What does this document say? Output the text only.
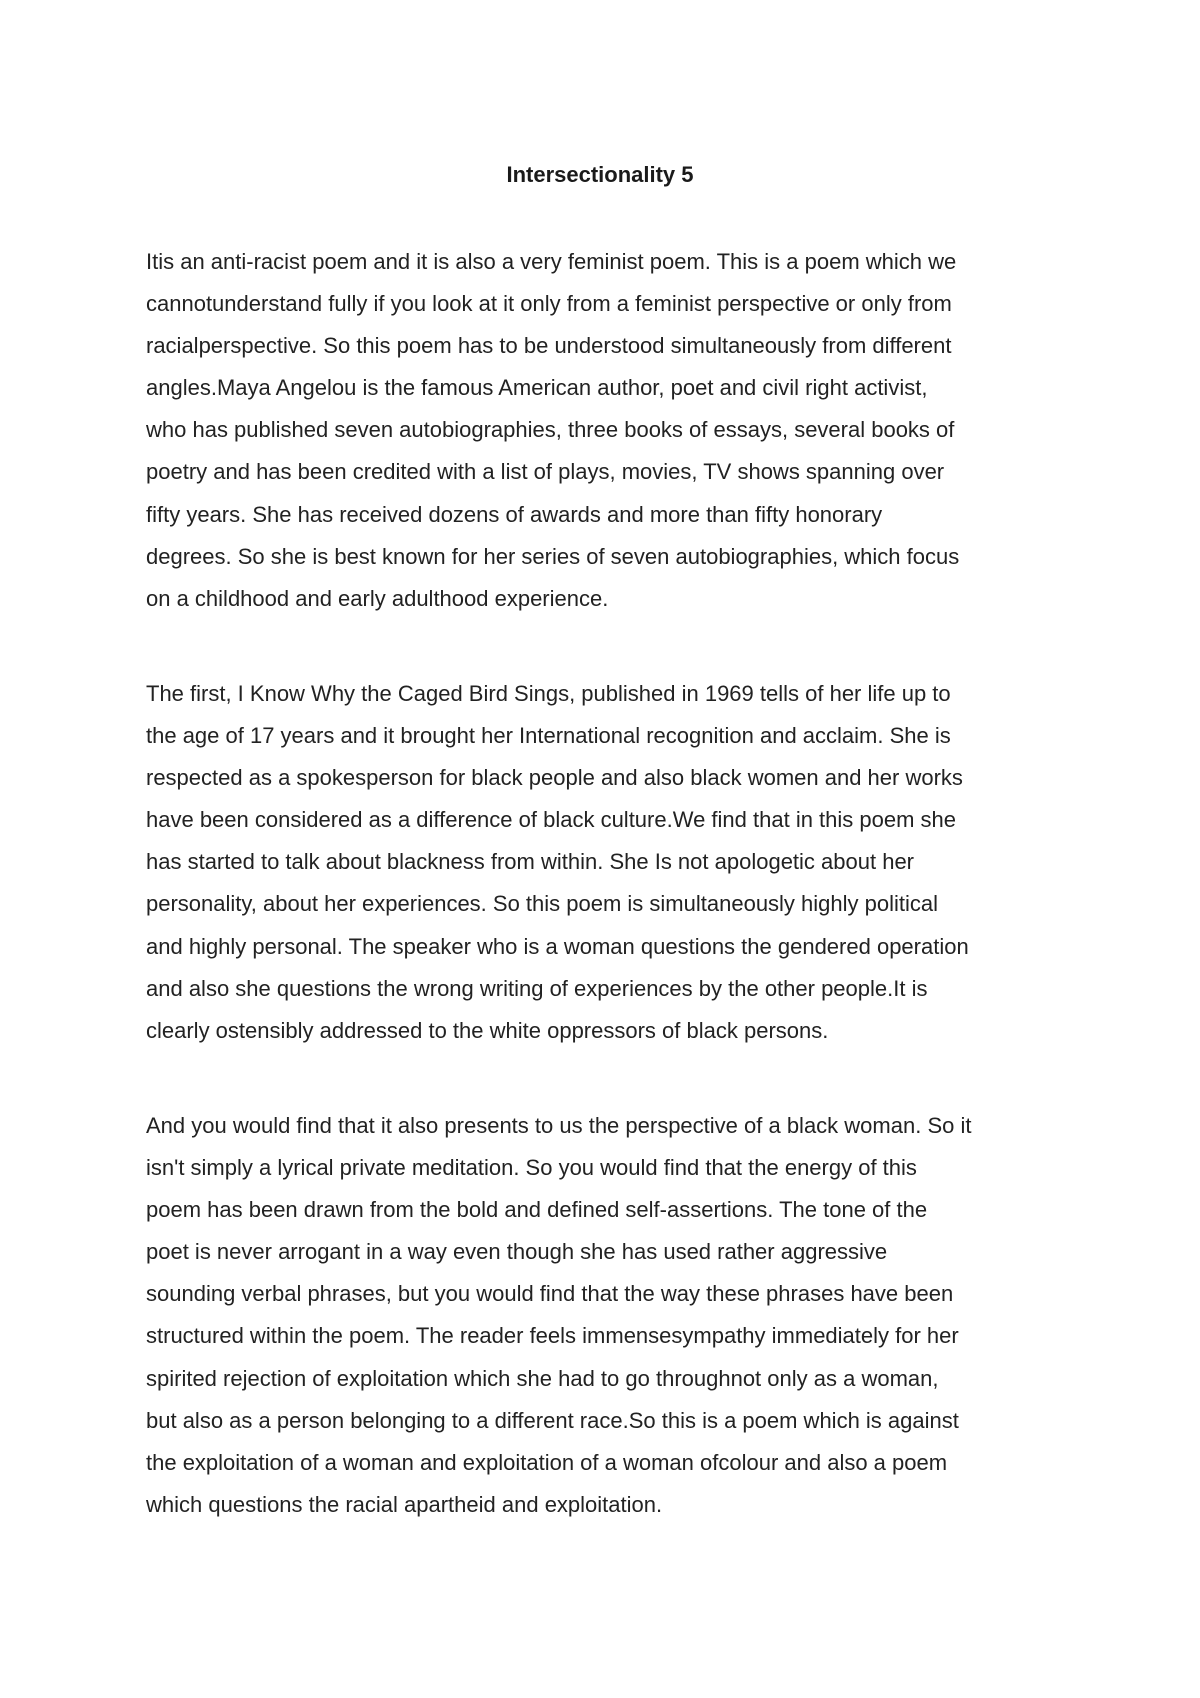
Intersectionality 5

Itis an anti-racist poem and it is also a very feminist poem. This is a poem which we
cannotunderstand fully if you look at it only from a feminist perspective or only from
racialperspective. So this poem has to be understood simultaneously from different
angles.Maya Angelou is the famous American author, poet and civil right activist,
who has published seven autobiographies, three books of essays, several books of
poetry and has been credited with a list of plays, movies, TV shows spanning over
fifty years. She has received dozens of awards and more than fifty honorary
degrees. So she is best known for her series of seven autobiographies, which focus
on a childhood and early adulthood experience.

The first, I Know Why the Caged Bird Sings, published in 1969 tells of her life up to
the age of 17 years and it brought her International recognition and acclaim. She is
respected as a spokesperson for black people and also black women and her works
have been considered as a difference of black culture.We find that in this poem she
has started to talk about blackness from within. She Is not apologetic about her
personality, about her experiences. So this poem is simultaneously highly political
and highly personal. The speaker who is a woman questions the gendered operation
and also she questions the wrong writing of experiences by the other people.It is
clearly ostensibly addressed to the white oppressors of black persons.

And you would find that it also presents to us the perspective of a black woman. So it
isn't simply a lyrical private meditation. So you would find that the energy of this
poem has been drawn from the bold and defined self-assertions. The tone of the
poet is never arrogant in a way even though she has used rather aggressive
sounding verbal phrases, but you would find that the way these phrases have been
structured within the poem. The reader feels immensesympathy immediately for her
spirited rejection of exploitation which she had to go throughnot only as a woman,
but also as a person belonging to a different race.So this is a poem which is against
the exploitation of a woman and exploitation of a woman ofcolour and also a poem
which questions the racial apartheid and exploitation.
